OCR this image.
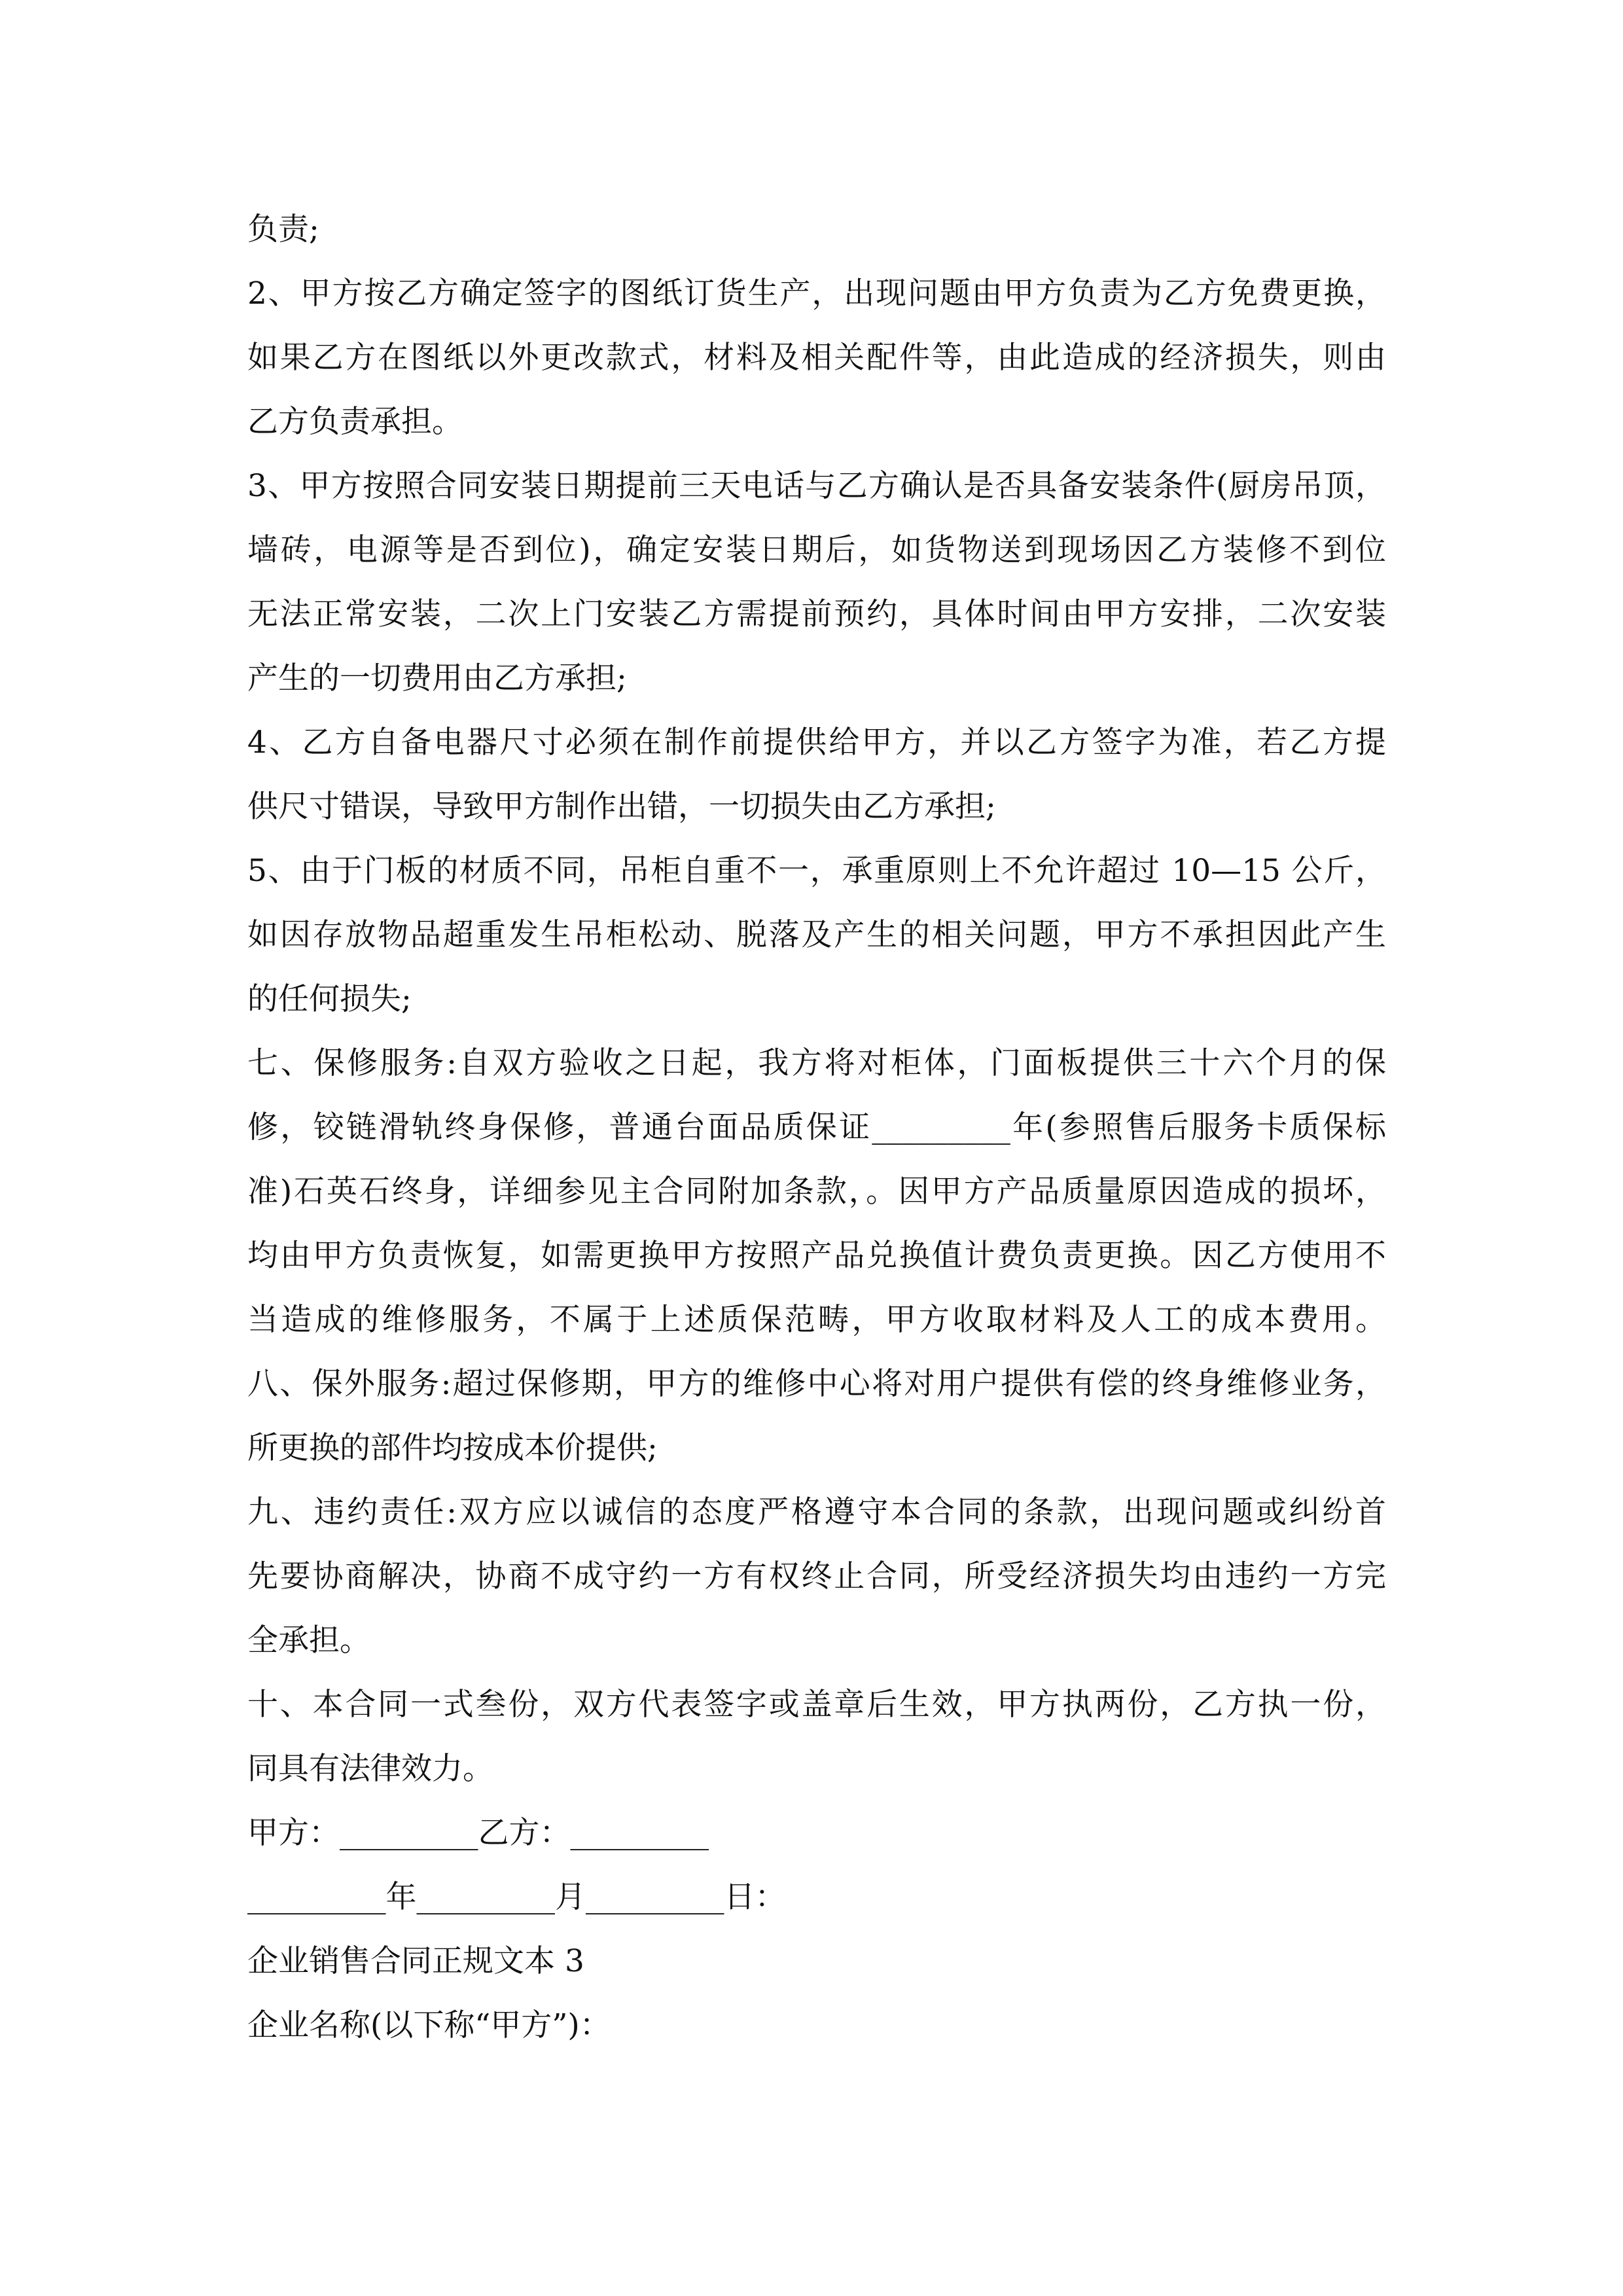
负责;
2、甲方按乙方确定签字的图纸订货生产，出现问题由甲方负责为乙方免费更换，
如果乙方在图纸以外更改款式，材料及相关配件等，由此造成的经济损失，则由
乙方负责承担。
3、甲方按照合同安装日期提前三天电话与乙方确认是否具备安装条件(厨房吊顶，
墙砖，电源等是否到位)，确定安装日期后，如货物送到现场因乙方装修不到位
无法正常安装，二次上门安装乙方需提前预约，具体时间由甲方安排，二次安装
产生的一切费用由乙方承担;
4、乙方自备电器尺寸必须在制作前提供给甲方，并以乙方签字为准，若乙方提
供尺寸错误，导致甲方制作出错，一切损失由乙方承担;
5、由于门板的材质不同，吊柜自重不一，承重原则上不允许超过 10—15 公斤，
如因存放物品超重发生吊柜松动、脱落及产生的相关问题，甲方不承担因此产生
的任何损失;
七、保修服务:自双方验收之日起，我方将对柜体，门面板提供三十六个月的保
修，铰链滑轨终身保修，普通台面品质保证_________年(参照售后服务卡质保标
准)石英石终身，详细参见主合同附加条款，。因甲方产品质量原因造成的损坏，
均由甲方负责恢复，如需更换甲方按照产品兑换值计费负责更换。因乙方使用不
当造成的维修服务，不属于上述质保范畴，甲方收取材料及人工的成本费用。
八、保外服务:超过保修期，甲方的维修中心将对用户提供有偿的终身维修业务，
所更换的部件均按成本价提供;
九、违约责任:双方应以诚信的态度严格遵守本合同的条款，出现问题或纠纷首
先要协商解决，协商不成守约一方有权终止合同，所受经济损失均由违约一方完
全承担。
十、本合同一式叁份，双方代表签字或盖章后生效，甲方执两份，乙方执一份，
同具有法律效力。
甲方：_________乙方：_________
_________年_________月_________日：
企业销售合同正规文本 3
企业名称(以下称“甲方”)：
